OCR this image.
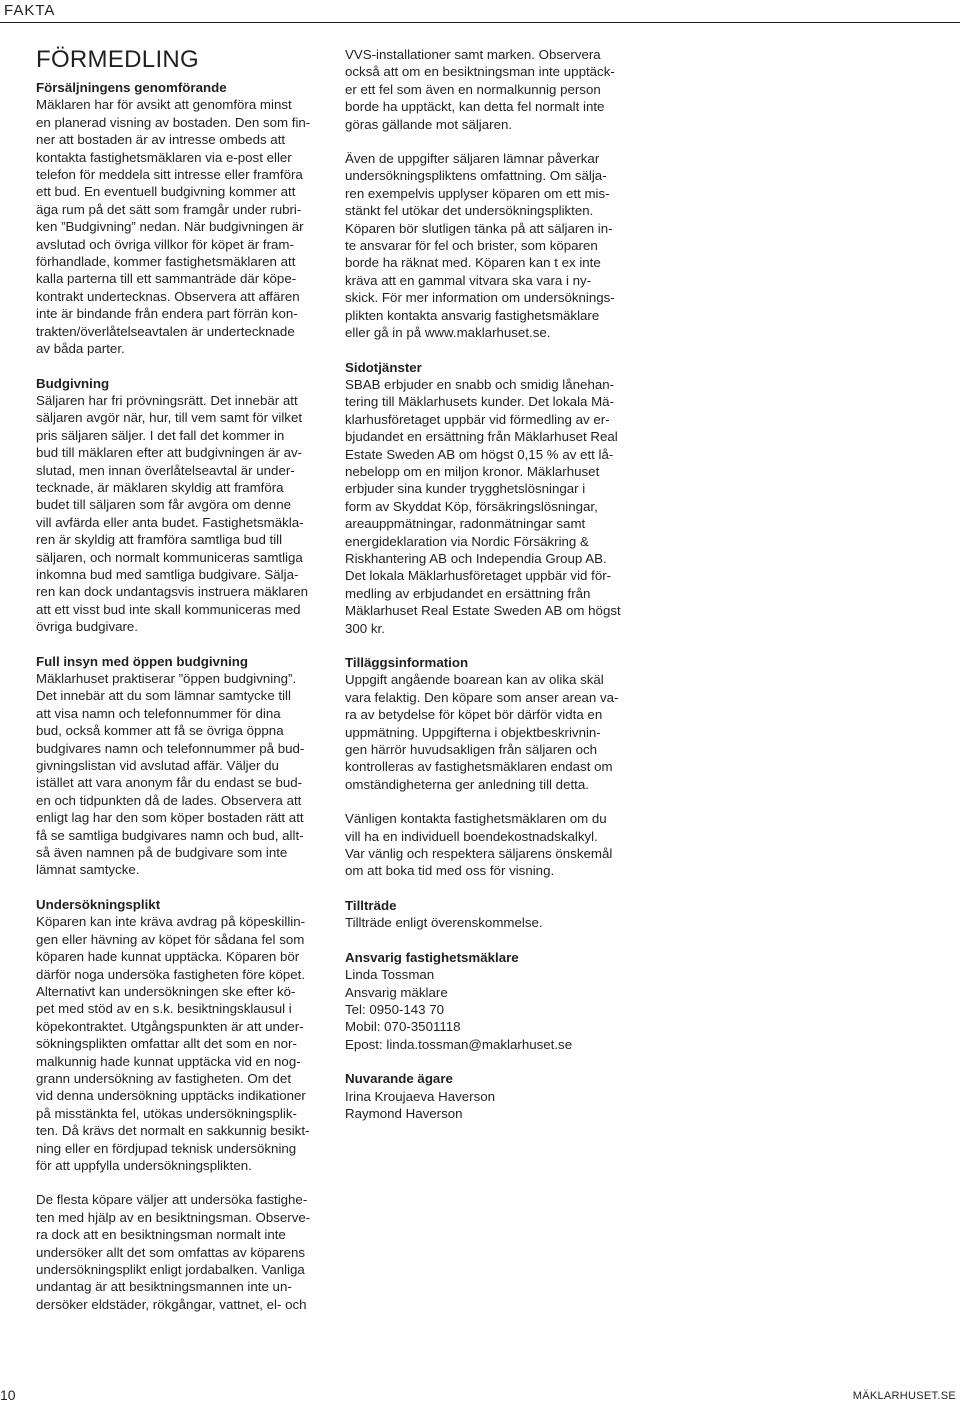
FAKTA
FÖRMEDLING

Försäljningens genomförande

Mäklaren har för avsikt att genomföra minst
en planerad visning av bostaden. Den som fin-
ner att bostaden är av intresse ombeds att
kontakta fastighetsmäklaren via e-post eller
telefon för meddela sitt intresse eller framföra
ett bud. En eventuell budgivning kommer att
äga rum på det sätt som framgår under rubri-
ken ”Budgivning” nedan. När budgivningen är
avslutad och övriga villkor för köpet är fram-
förhandlade, kommer fastighetsmäklaren att
kalla parterna till ett sammanträde där köpe-
kontrakt undertecknas. Observera att affären
inte är bindande från endera part förrän kon-
trakten/överlåtelseavtalen är undertecknade
av båda parter.

Budgivning

Säljaren har fri prövningsrätt. Det innebär att
säljaren avgör när, hur, till vem samt för vilket
pris säljaren säljer. I det fall det kommer in
bud till mäklaren efter att budgivningen är av-
slutad, men innan överlåtelseavtal är under-
tecknade, är mäklaren skyldig att framföra
budet till säljaren som får avgöra om denne
vill avfärda eller anta budet. Fastighetsmäkla-
ren är skyldig att framföra samtliga bud till
säljaren, och normalt kommuniceras samtliga
inkomna bud med samtliga budgivare. Sälja-
ren kan dock undantagsvis instruera mäklaren
att ett visst bud inte skall kommuniceras med
övriga budgivare.

Full insyn med öppen budgivning

Mäklarhuset praktiserar ”öppen budgivning”.
Det innebär att du som lämnar samtycke till
att visa namn och telefonnummer för dina
bud, också kommer att få se övriga öppna
budgivares namn och telefonnummer på bud-
givningslistan vid avslutad affär. Väljer du
istället att vara anonym får du endast se bud-
en och tidpunkten då de lades. Observera att
enligt lag har den som köper bostaden rätt att
få se samtliga budgivares namn och bud, allt-
så även namnen på de budgivare som inte
lämnat samtycke.

Undersökningsplikt

Köparen kan inte kräva avdrag på köpeskillin-
gen eller hävning av köpet för sådana fel som
köparen hade kunnat upptäcka. Köparen bör
därför noga undersöka fastigheten före köpet.
Alternativt kan undersökningen ske efter kö-
pet med stöd av en s.k. besiktningsklausul i
köpekontraktet. Utgångspunkten är att under-
sökningsplikten omfattar allt det som en nor-
malkunnig hade kunnat upptäcka vid en nog-
grann undersökning av fastigheten. Om det
vid denna undersökning upptäcks indikationer
på misstänkta fel, utökas undersökningsplik-
ten. Då krävs det normalt en sakkunnig besikt-
ning eller en fördjupad teknisk undersökning
för att uppfylla undersökningsplikten.

De flesta köpare väljer att undersöka fastighe-
ten med hjälp av en besiktningsman. Observe-
ra dock att en besiktningsman normalt inte
undersöker allt det som omfattas av köparens
undersökningsplikt enligt jordabalken. Vanliga
undantag är att besiktningsmannen inte un-
dersöker eldstäder, rökgångar, vattnet, el- och

VVS-installationer samt marken. Observera
också att om en besiktningsman inte upptäck-
er ett fel som även en normalkunnig person
borde ha upptäckt, kan detta fel normalt inte
göras gällande mot säljaren.

Även de uppgifter säljaren lämnar påverkar
undersökningspliktens omfattning. Om sälja-
ren exempelvis upplyser köparen om ett mis-
stänkt fel utökar det undersökningsplikten.
Köparen bör slutligen tänka på att säljaren in-
te ansvarar för fel och brister, som köparen
borde ha räknat med. Köparen kan t ex inte
kräva att en gammal vitvara ska vara i ny-
skick. För mer information om undersöknings-
plikten kontakta ansvarig fastighetsmäklare
eller gå in på www.maklarhuset.se.

Sidotjänster

SBAB erbjuder en snabb och smidig lånehan-
tering till Mäklarhusets kunder. Det lokala Mä-
klarhusföretaget uppbär vid förmedling av er-
bjudandet en ersättning från Mäklarhuset Real
Estate Sweden AB om högst 0,15 % av ett lå-
nebelopp om en miljon kronor. Mäklarhuset
erbjuder sina kunder trygghetslösningar i
form av Skyddat Köp, försäkringslösningar,
areauppmätningar, radonmätningar samt
energideklaration via Nordic Försäkring &
Riskhantering AB och Independia Group AB.
Det lokala Mäklarhusföretaget uppbär vid för-
medling av erbjudandet en ersättning från
Mäklarhuset Real Estate Sweden AB om högst
300 kr.

Tilläggsinformation

Uppgift angående boarean kan av olika skäl
vara felaktig. Den köpare som anser arean va-
ra av betydelse för köpet bör därför vidta en
uppmätning. Uppgifterna i objektbeskrivnin-
gen härrör huvudsakligen från säljaren och
kontrolleras av fastighetsmäklaren endast om
omständigheterna ger anledning till detta.

Vänligen kontakta fastighetsmäklaren om du
vill ha en individuell boendekostnadskalkyl.
Var vänlig och respektera säljarens önskemål
om att boka tid med oss för visning.

Tillträde

Tillträde enligt överenskommelse.

Ansvarig fastighetsmäklare

Linda Tossman
Ansvarig mäklare
Tel: 0950-143 70
Mobil: 070-3501118
Epost: linda.tossman@maklarhuset.se

Nuvarande ägare

Irina Kroujaeva Haverson
Raymond Haverson

10	MÄKLARHUSET.SE
